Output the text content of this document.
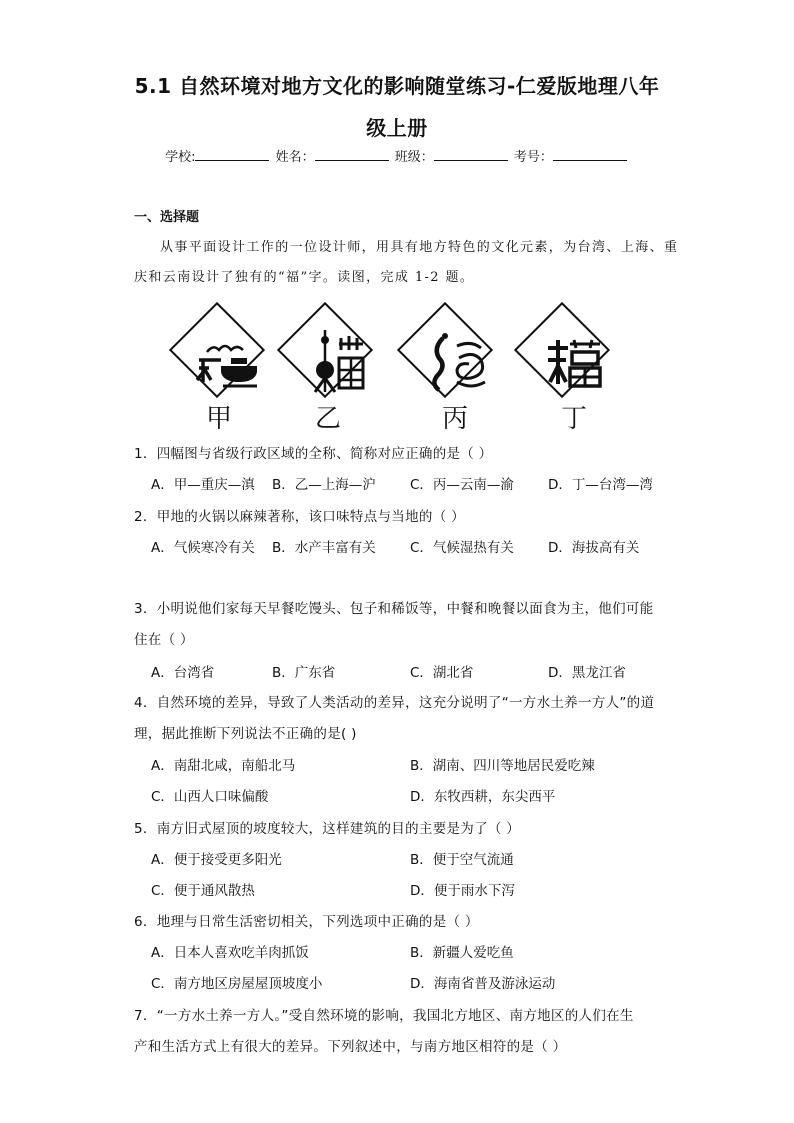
5.1 自然环境对地方文化的影响随堂练习-仁爱版地理八年
级上册
学校:	姓名：	班级：	考号：
一、选择题
从事平面设计工作的一位设计师，用具有地方特色的文化元素，为台湾、上海、重
庆和云南设计了独有的“福”字。读图，完成 1-2 题。
甲	乙	丙	丁
1．四幅图与省级行政区域的全称、简称对应正确的是（ ）
A．甲—重庆—滇 B．乙—上海—沪	C．丙—云南—渝	D．丁—台湾—湾
2．甲地的火锅以麻辣著称，该口味特点与当地的（ ）
A．气候寒冷有关 B．水产丰富有关	C．气候湿热有关	D．海拔高有关
3．小明说他们家每天早餐吃馒头、包子和稀饭等，中餐和晚餐以面食为主，他们可能
住在（ ）
A．台湾省	B．广东省	C．湖北省	D．黑龙江省
4．自然环境的差异，导致了人类活动的差异，这充分说明了“一方水土养一方人”的道
理，据此推断下列说法不正确的是( )
A．南甜北咸，南船北马	B．湖南、四川等地居民爱吃辣
C．山西人口味偏酸	D．东牧西耕，东尖西平
5．南方旧式屋顶的坡度较大，这样建筑的目的主要是为了（ ）
A．便于接受更多阳光	B．便于空气流通
C．便于通风散热	D．便于雨水下泻
6．地理与日常生活密切相关，下列选项中正确的是（ ）
A．日本人喜欢吃羊肉抓饭	B．新疆人爱吃鱼
C．南方地区房屋屋顶坡度小	D．海南省普及游泳运动
7．“一方水土养一方人。”受自然环境的影响，我国北方地区、南方地区的人们在生
产和生活方式上有很大的差异。下列叙述中，与南方地区相符的是（ ）
